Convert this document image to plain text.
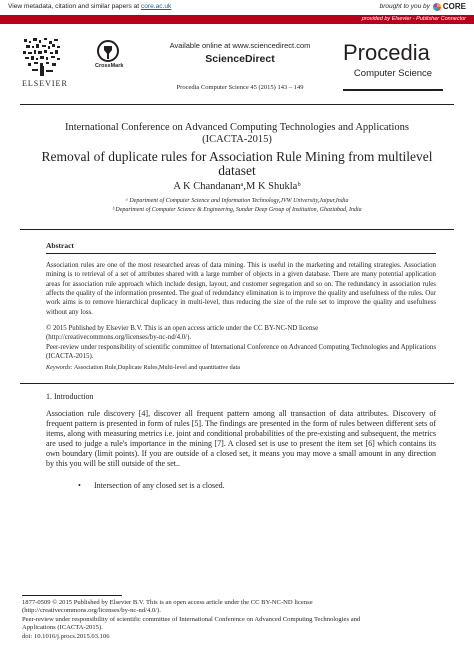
View metadata, citation and similar papers at core.ac.uk	brought to you by CORE
provided by Elsevier - Publisher Connector
ELSEVIER
CrossMark
Available online at www.sciencedirect.com
ScienceDirect
Procedia Computer Science 45 (2015) 143 – 149
Procedia
Computer Science
International Conference on Advanced Computing Technologies and Applications (ICACTA-2015)
Removal of duplicate rules for Association Rule Mining from multilevel dataset
A K Chandananᵃ,M K Shuklaᵇ
ᵃ Department of Computer Science and Information Technology,JVW University,Jaipur,India
ᵇ Department of Computer Science & Engineering, Sundar Deep Group of Institution, Ghaziabad, India
Abstract

Association rules are one of the most researched areas of data mining. This is useful in the marketing and retailing strategies. Association mining is to retrieval of a set of attributes shared with a large number of objects in a given database. There are many potential application areas for association rule approach which include design, layout, and customer segregation and so on. The redundancy in association rules affects the quality of the information presented. The goal of redundancy elimination is to improve the quality and usefulness of the rules. Our work aims is to remove hierarchical duplicacy in multi-level, thus reducing the size of the rule set to improve the quality and usefulness without any loss.

© 2015 Published by Elsevier B.V. This is an open access article under the CC BY-NC-ND license

(http://creativecommons.org/licenses/by-nc-nd/4.0/).

Peer-review under responsibility of scientific committee of International Conference on Advanced Computing Technologies and Applications (ICACTA-2015).

Keywords: Association Rule,Duplicate Rules,Multi-level and quantitative data
1. Introduction

Association rule discovery [4], discover all frequent pattern among all transaction of data attributes. Discovery of frequent pattern is presented in form of rules [5]. The findings are presented in the form of rules between different sets of items, along with measuring metrics i.e. joint and conditional probabilities of the pre-existing and subsequent, the metrics are used to judge a rule's importance in the mining [7]. A closed set is use to present the item set [6] which contains its own boundary (limit points). If you are outside of a closed set, it means you may move a small amount in any direction by this you will be still outside of the set..

• Intersection of any closed set is a closed.

1877-0509 © 2015 Published by Elsevier B.V. This is an open access article under the CC BY-NC-ND license

(http://creativecommons.org/licenses/by-nc-nd/4.0/).

Peer-review under responsibility of scientific committee of International Conference on Advanced Computing Technologies and

Applications (ICACTA-2015).

doi: 10.1016/j.procs.2015.03.106
